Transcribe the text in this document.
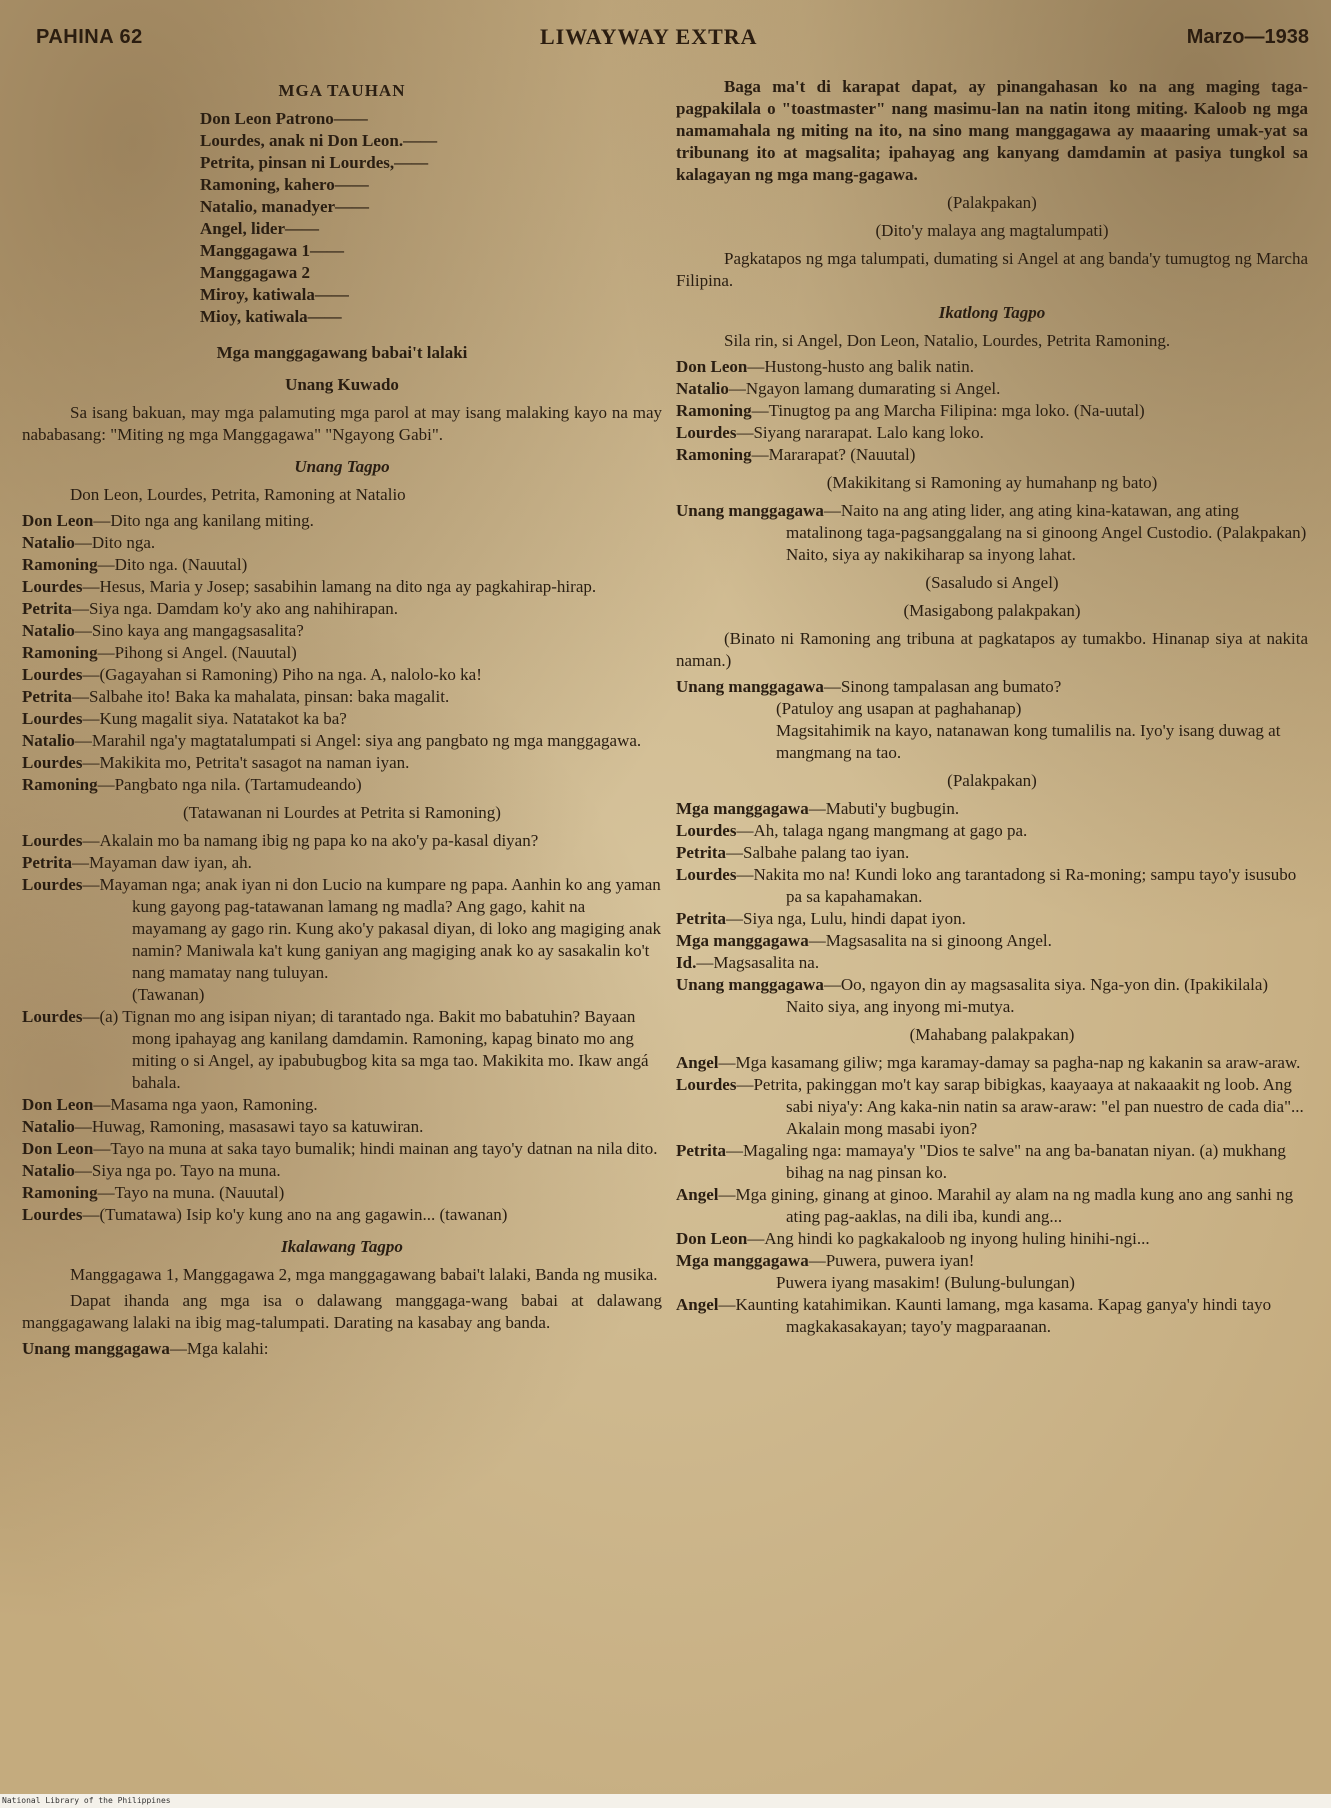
PAHINA 62	LIWAYWAY EXTRA	Marzo—1938
MGA TAUHAN
Don Leon Patrono——
Lourdes, anak ni Don Leon.——
Petrita, pinsan ni Lourdes,——
Ramoning, kahero——
Natalio, manadyer——
Angel, lider——
Manggagawa 1——
Manggagawa 2
Miroy, katiwala——
Mioy, katiwala——
Mga manggagawang babai't lalaki
Unang Kuwado

Sa isang bakuan, may mga palamuting mga parol at may isang malaking kayo na may nababasang: "Miting ng mga Manggagawa" "Ngayong Gabi".

Unang Tagpo

Don Leon, Lourdes, Petrita, Ramoning at Natalio

Don Leon—Dito nga ang kanilang miting.
Natalio—Dito nga.
Ramoning—Dito nga. (Nauutal)
Lourdes—Hesus, Maria y Josep; sasabihin lamang na dito nga ay pagkahirap-hirap.
Petrita—Siya nga. Damdam ko'y ako ang nahihirapan.
Natalio—Sino kaya ang mangagsasalita?
Ramoning—Pihong si Angel. (Nauutal)
Lourdes—(Gagayahan si Ramoning) Piho na nga. A, nalolo-ko ka!
Petrita—Salbahe ito! Baka ka mahalata, pinsan: baka magalit.
Lourdes—Kung magalit siya. Natatakot ka ba?
Natalio—Marahil nga'y magtatalumpati si Angel: siya ang pangbato ng mga manggagawa.
Lourdes—Makikita mo, Petrita't sasagot na naman iyan.
Ramoning—Pangbato nga nila. (Tartamudeando)
(Tatawanan ni Lourdes at Petrita si Ramoning)
Lourdes—Akalain mo ba namang ibig ng papa ko na ako'y pa-kasal diyan?
Petrita—Mayaman daw iyan, ah.
Lourdes—Mayaman nga; anak iyan ni don Lucio na kumpare ng papa. Aanhin ko ang yaman kung gayong pag-tatawanan lamang ng madla? Ang gago, kahit na mayamang ay gago rin. Kung ako'y pakasal diyan, di loko ang magiging anak namin? Maniwala ka't kung ganiyan ang magiging anak ko ay sasakalin ko't nang mamatay nang tuluyan.
(Tawanan)
Lourdes—(a) Tignan mo ang isipan niyan; di tarantado nga. Bakit mo babatuhin? Bayaan mong ipahayag ang kanilang damdamin. Ramoning, kapag binato mo ang miting o si Angel, ay ipabubugbog kita sa mga tao. Makikita mo. Ikaw angá bahala.
Don Leon—Masama nga yaon, Ramoning.
Natalio—Huwag, Ramoning, masasawi tayo sa katuwiran.
Don Leon—Tayo na muna at saka tayo bumalik; hindi mainan ang tayo'y datnan na nila dito.
Natalio—Siya nga po. Tayo na muna.
Ramoning—Tayo na muna. (Nauutal)
Lourdes—(Tumatawa) Isip ko'y kung ano na ang gagawin... (tawanan)
Ikalawang Tagpo

Manggagawa 1, Manggagawa 2, mga manggagawang babai't lalaki, Banda ng musika.

Dapat ihanda ang mga isa o dalawang manggaga-wang babai at dalawang manggagawang lalaki na ibig mag-talumpati. Darating na kasabay ang banda.

Unang manggagawa—Mga kalahi:

Baga ma't di karapat dapat, ay pinangahasan ko na ang maging taga-pagpakilala o "toastmaster" nang masimu-lan na natin itong miting. Kaloob ng mga namamahala ng miting na ito, na sino mang manggagawa ay maaaring umak-yat sa tribunang ito at magsalita; ipahayag ang kanyang damdamin at pasiya tungkol sa kalagayan ng mga mang-gagawa.

(Palakpakan)
(Dito'y malaya ang magtalumpati)

Pagkatapos ng mga talumpati, dumating si Angel at ang banda'y tumugtog ng Marcha Filipina.

Ikatlong Tagpo

Sila rin, si Angel, Don Leon, Natalio, Lourdes, Petrita Ramoning.

Don Leon—Hustong-husto ang balik natin.
Natalio—Ngayon lamang dumarating si Angel.
Ramoning—Tinugtog pa ang Marcha Filipina: mga loko. (Na-uutal)
Lourdes—Siyang nararapat. Lalo kang loko.
Ramoning—Mararapat? (Nauutal)
(Makikitang si Ramoning ay humahanp ng bato)
Unang manggagawa—Naito na ang ating lider, ang ating kina-katawan, ang ating matalinong taga-pagsanggalang na si ginoong Angel Custodio. (Palakpakan) Naito, siya ay nakikiharap sa inyong lahat.
(Sasaludo si Angel)
(Masigabong palakpakan)

(Binato ni Ramoning ang tribuna at pagkatapos ay tumakbo. Hinanap siya at nakita naman.)

Unang manggagawa—Sinong tampalasan ang bumato?
(Patuloy ang usapan at paghahanap)
Magsitahimik na kayo, natanawan kong tumalilis na. Iyo'y isang duwag at mangmang na tao.
(Palakpakan)
Mga manggagawa—Mabuti'y bugbugin.
Lourdes—Ah, talaga ngang mangmang at gago pa.
Petrita—Salbahe palang tao iyan.
Lourdes—Nakita mo na! Kundi loko ang tarantadong si Ra-moning; sampu tayo'y isusubo pa sa kapahamakan.
Petrita—Siya nga, Lulu, hindi dapat iyon.
Mga manggagawa—Magsasalita na si ginoong Angel.
Id.—Magsasalita na.
Unang manggagawa—Oo, ngayon din ay magsasalita siya. Nga-yon din. (Ipakikilala) Naito siya, ang inyong mi-mutya.
(Mahabang palakpakan)
Angel—Mga kasamang giliw; mga karamay-damay sa pagha-nap ng kakanin sa araw-araw.
Lourdes—Petrita, pakinggan mo't kay sarap bibigkas, kaayaaya at nakaaakit ng loob. Ang sabi niya'y: Ang kaka-nin natin sa araw-araw: "el pan nuestro de cada dia"... Akalain mong masabi iyon?
Petrita—Magaling nga: mamaya'y "Dios te salve" na ang ba-banatan niyan. (a) mukhang bihag na nag pinsan ko.
Angel—Mga gining, ginang at ginoo. Marahil ay alam na ng madla kung ano ang sanhi ng ating pag-aaklas, na dili iba, kundi ang...
Don Leon—Ang hindi ko pagkakaloob ng inyong huling hinihi-ngi...
Mga manggagawa—Puwera, puwera iyan!
Puwera iyang masakim! (Bulung-bulungan)
Angel—Kaunting katahimikan. Kaunti lamang, mga kasama. Kapag ganya'y hindi tayo magkakasakayan; tayo'y magparaanan.
National Library of the Philippines
